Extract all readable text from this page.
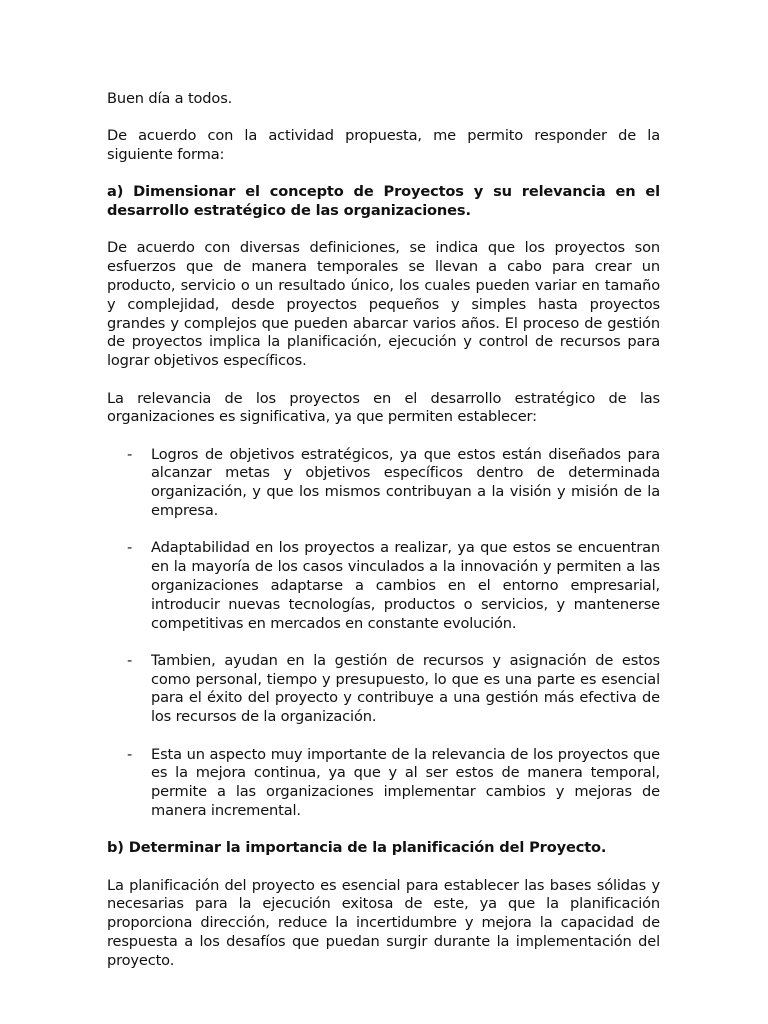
Buen día a todos.

De acuerdo con la actividad propuesta, me permito responder de la siguiente forma:

a) Dimensionar el concepto de Proyectos y su relevancia en el desarrollo estratégico de las organizaciones.

De acuerdo con diversas definiciones, se indica que los proyectos son esfuerzos que de manera temporales se llevan a cabo para crear un producto, servicio o un resultado único, los cuales pueden variar en tamaño y complejidad, desde proyectos pequeños y simples hasta proyectos grandes y complejos que pueden abarcar varios años. El proceso de gestión de proyectos implica la planificación, ejecución y control de recursos para lograr objetivos específicos.

La relevancia de los proyectos en el desarrollo estratégico de las organizaciones es significativa, ya que permiten establecer:

- Logros de objetivos estratégicos, ya que estos están diseñados para alcanzar metas y objetivos específicos dentro de determinada organización, y que los mismos contribuyan a la visión y misión de la empresa.
- Adaptabilidad en los proyectos a realizar, ya que estos se encuentran en la mayoría de los casos vinculados a la innovación y permiten a las organizaciones adaptarse a cambios en el entorno empresarial, introducir nuevas tecnologías, productos o servicios, y mantenerse competitivas en mercados en constante evolución.
- Tambien, ayudan en la gestión de recursos y asignación de estos como personal, tiempo y presupuesto, lo que es una parte es esencial para el éxito del proyecto y contribuye a una gestión más efectiva de los recursos de la organización.
- Esta un aspecto muy importante de la relevancia de los proyectos que es la mejora continua, ya que y al ser estos de manera temporal, permite a las organizaciones implementar cambios y mejoras de manera incremental.

b) Determinar la importancia de la planificación del Proyecto.

La planificación del proyecto es esencial para establecer las bases sólidas y necesarias para la ejecución exitosa de este, ya que la planificación proporciona dirección, reduce la incertidumbre y mejora la capacidad de respuesta a los desafíos que puedan surgir durante la implementación del proyecto.
